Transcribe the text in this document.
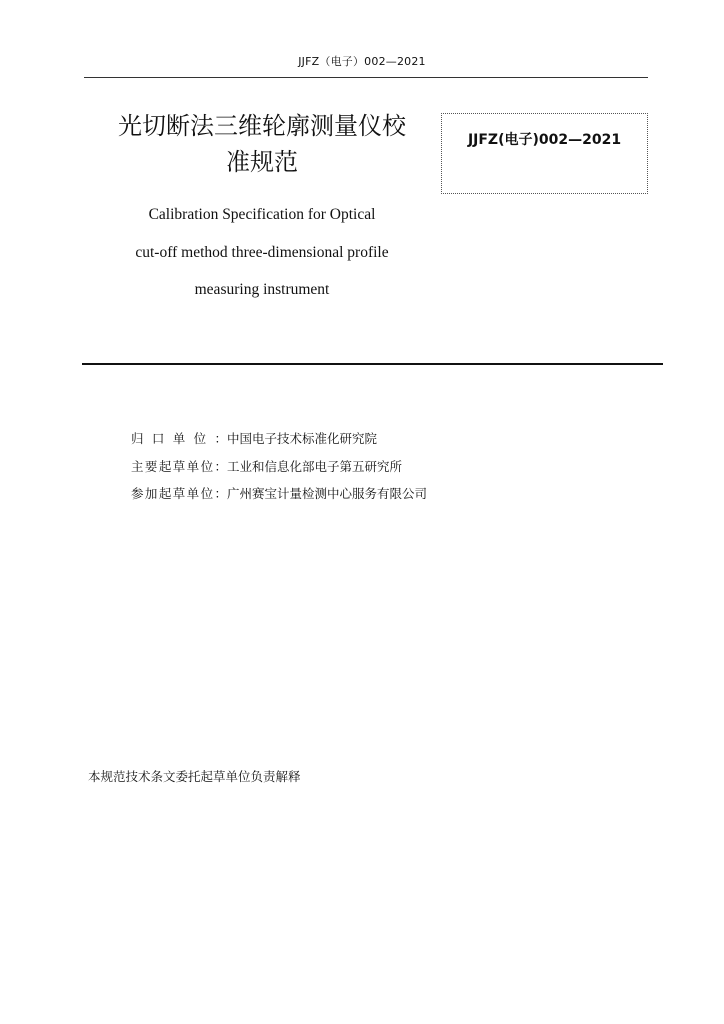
JJFZ（电子）002—2021
光切断法三维轮廓测量仪校
准规范
JJFZ(电子)002—2021
Calibration Specification for Optical
cut-off method three-dimensional profile
measuring instrument
归口单位： 中国电子技术标准化研究院
主要起草单位： 工业和信息化部电子第五研究所
参加起草单位： 广州赛宝计量检测中心服务有限公司
本规范技术条文委托起草单位负责解释
